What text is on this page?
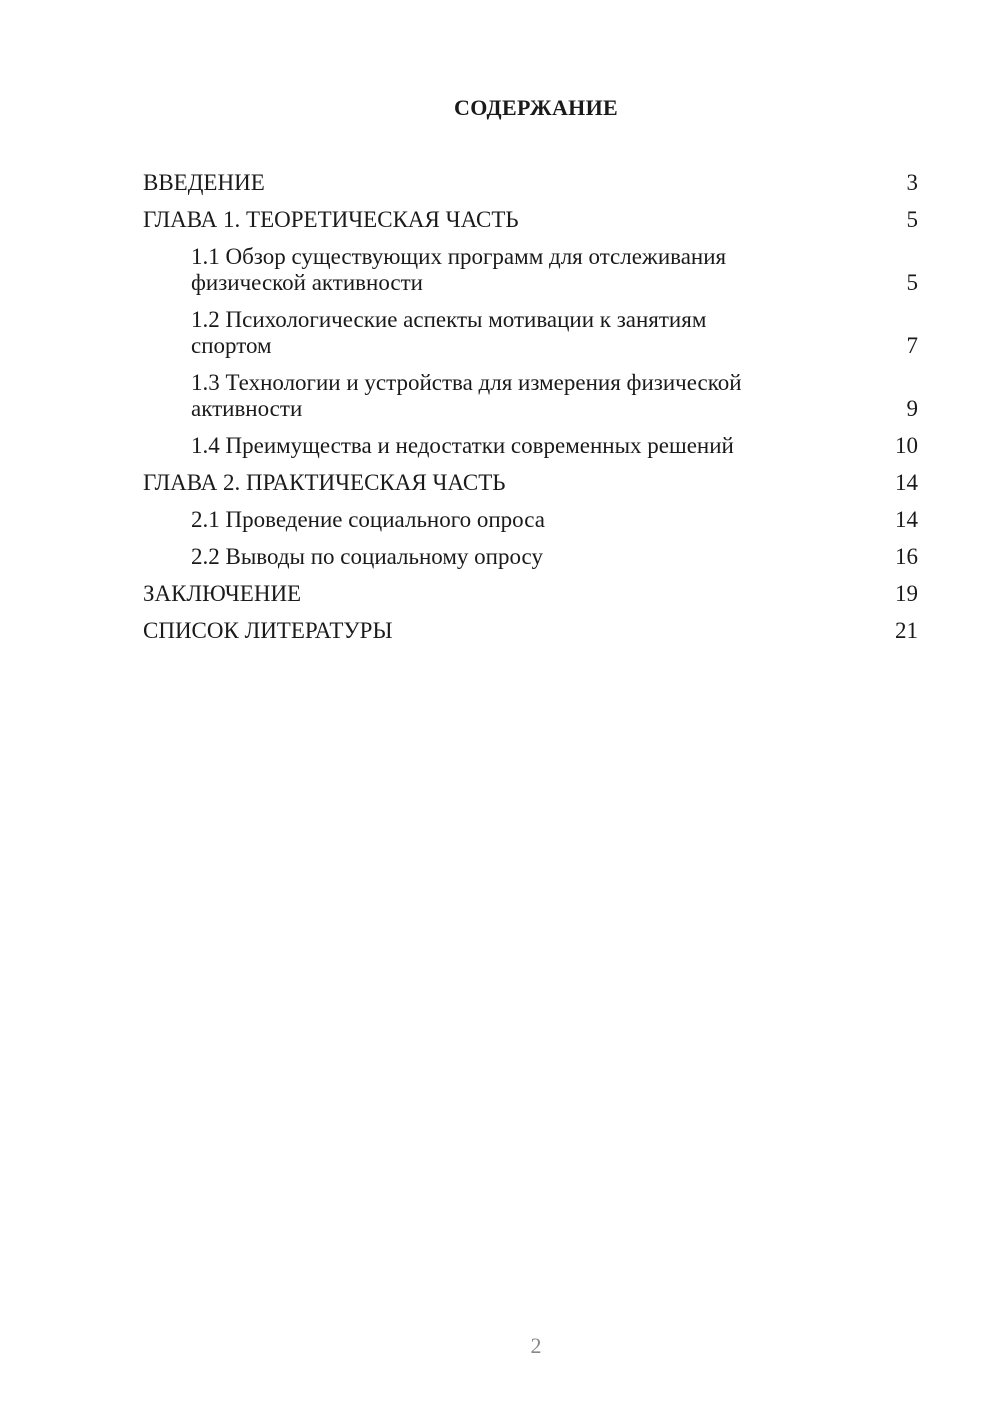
СОДЕРЖАНИЕ
ВВЕДЕНИЕ	3
ГЛАВА 1. ТЕОРЕТИЧЕСКАЯ ЧАСТЬ	5
1.1 Обзор существующих программ для отслеживания физической активности	5
1.2 Психологические аспекты мотивации к занятиям спортом	7
1.3 Технологии и устройства для измерения физической активности	9
1.4 Преимущества и недостатки современных решений	10
ГЛАВА 2. ПРАКТИЧЕСКАЯ ЧАСТЬ	14
2.1 Проведение социального опроса	14
2.2 Выводы по социальному опросу	16
ЗАКЛЮЧЕНИЕ	19
СПИСОК ЛИТЕРАТУРЫ	21
2
